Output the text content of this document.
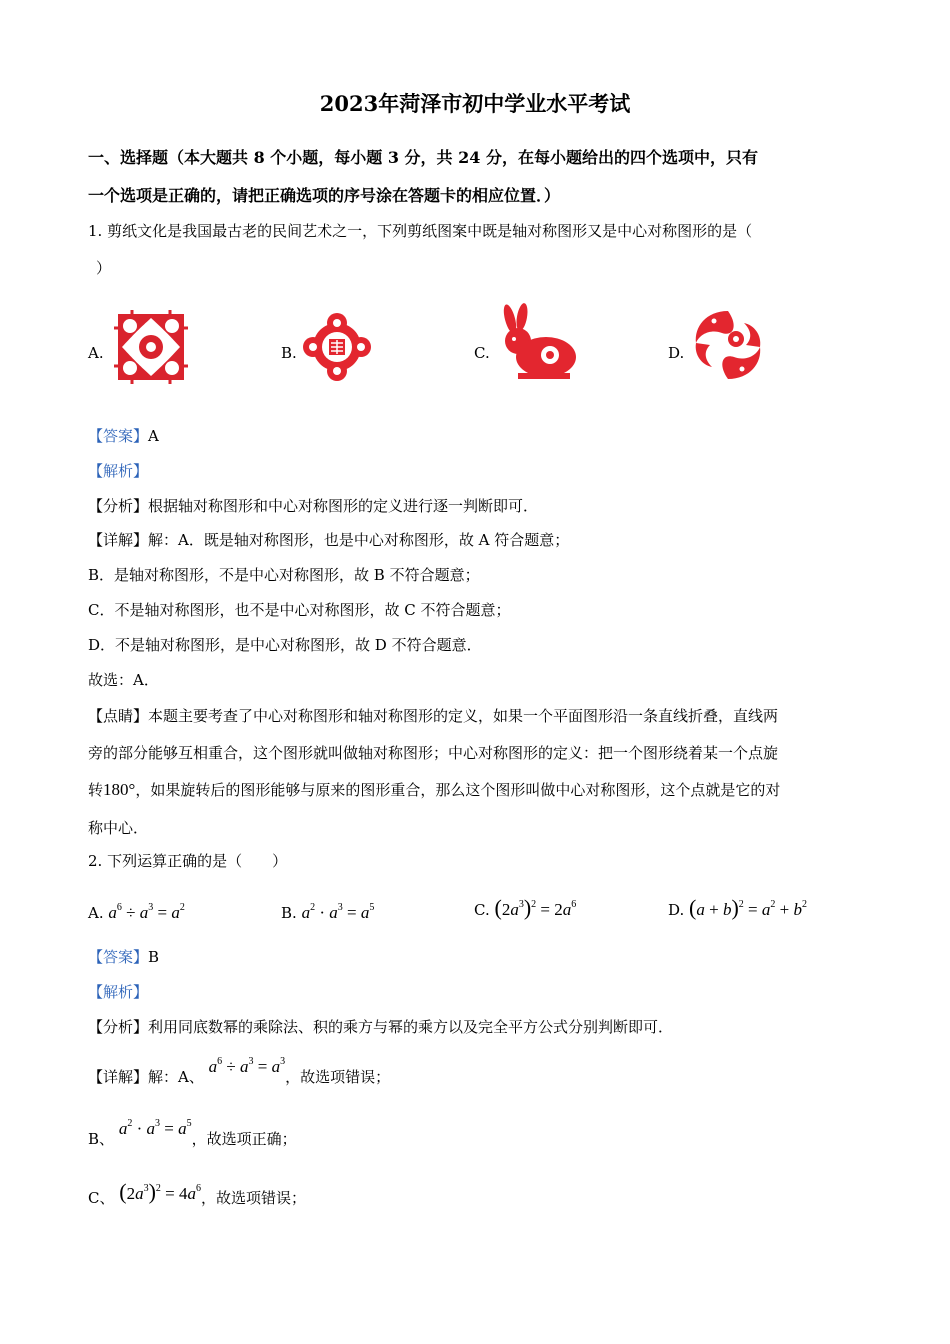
2023年菏泽市初中学业水平考试
一、选择题（本大题共 8 个小题，每小题 3 分，共 24 分，在每小题给出的四个选项中，只有
一个选项是正确的，请把正确选项的序号涂在答题卡的相应位置．）
1. 剪纸文化是我国最古老的民间艺术之一，下列剪纸图案中既是轴对称图形又是中心对称图形的是（
）
A.	B.	C.	D.
【答案】A
【解析】
【分析】根据轴对称图形和中心对称图形的定义进行逐一判断即可．
【详解】解：A．既是轴对称图形，也是中心对称图形，故 A 符合题意；
B．是轴对称图形，不是中心对称图形，故 B 不符合题意；
C．不是轴对称图形，也不是中心对称图形，故 C 不符合题意；
D．不是轴对称图形，是中心对称图形，故 D 不符合题意．
故选：A．
【点睛】本题主要考查了中心对称图形和轴对称图形的定义，如果一个平面图形沿一条直线折叠，直线两
旁的部分能够互相重合，这个图形就叫做轴对称图形；中心对称图形的定义：把一个图形绕着某一个点旋
转180°，如果旋转后的图形能够与原来的图形重合，那么这个图形叫做中心对称图形，这个点就是它的对
称中心．
2. 下列运算正确的是（　　）
A. $a^6 \div a^3 = a^2$	B. $a^2 \cdot a^3 = a^5$	C. $(2a^3)^2 = 2a^6$	D. $(a + b)^2 = a^2 + b^2$
【答案】B
【解析】
【分析】利用同底数幂的乘除法、积的乘方与幂的乘方以及完全平方公式分别判断即可．
【详解】解：A、 $a^6 \div a^3 = a^3$，故选项错误；
B、 $a^2 \cdot a^3 = a^5$，故选项正确；
C、 $(2a^3)^2 = 4a^6$，故选项错误；
